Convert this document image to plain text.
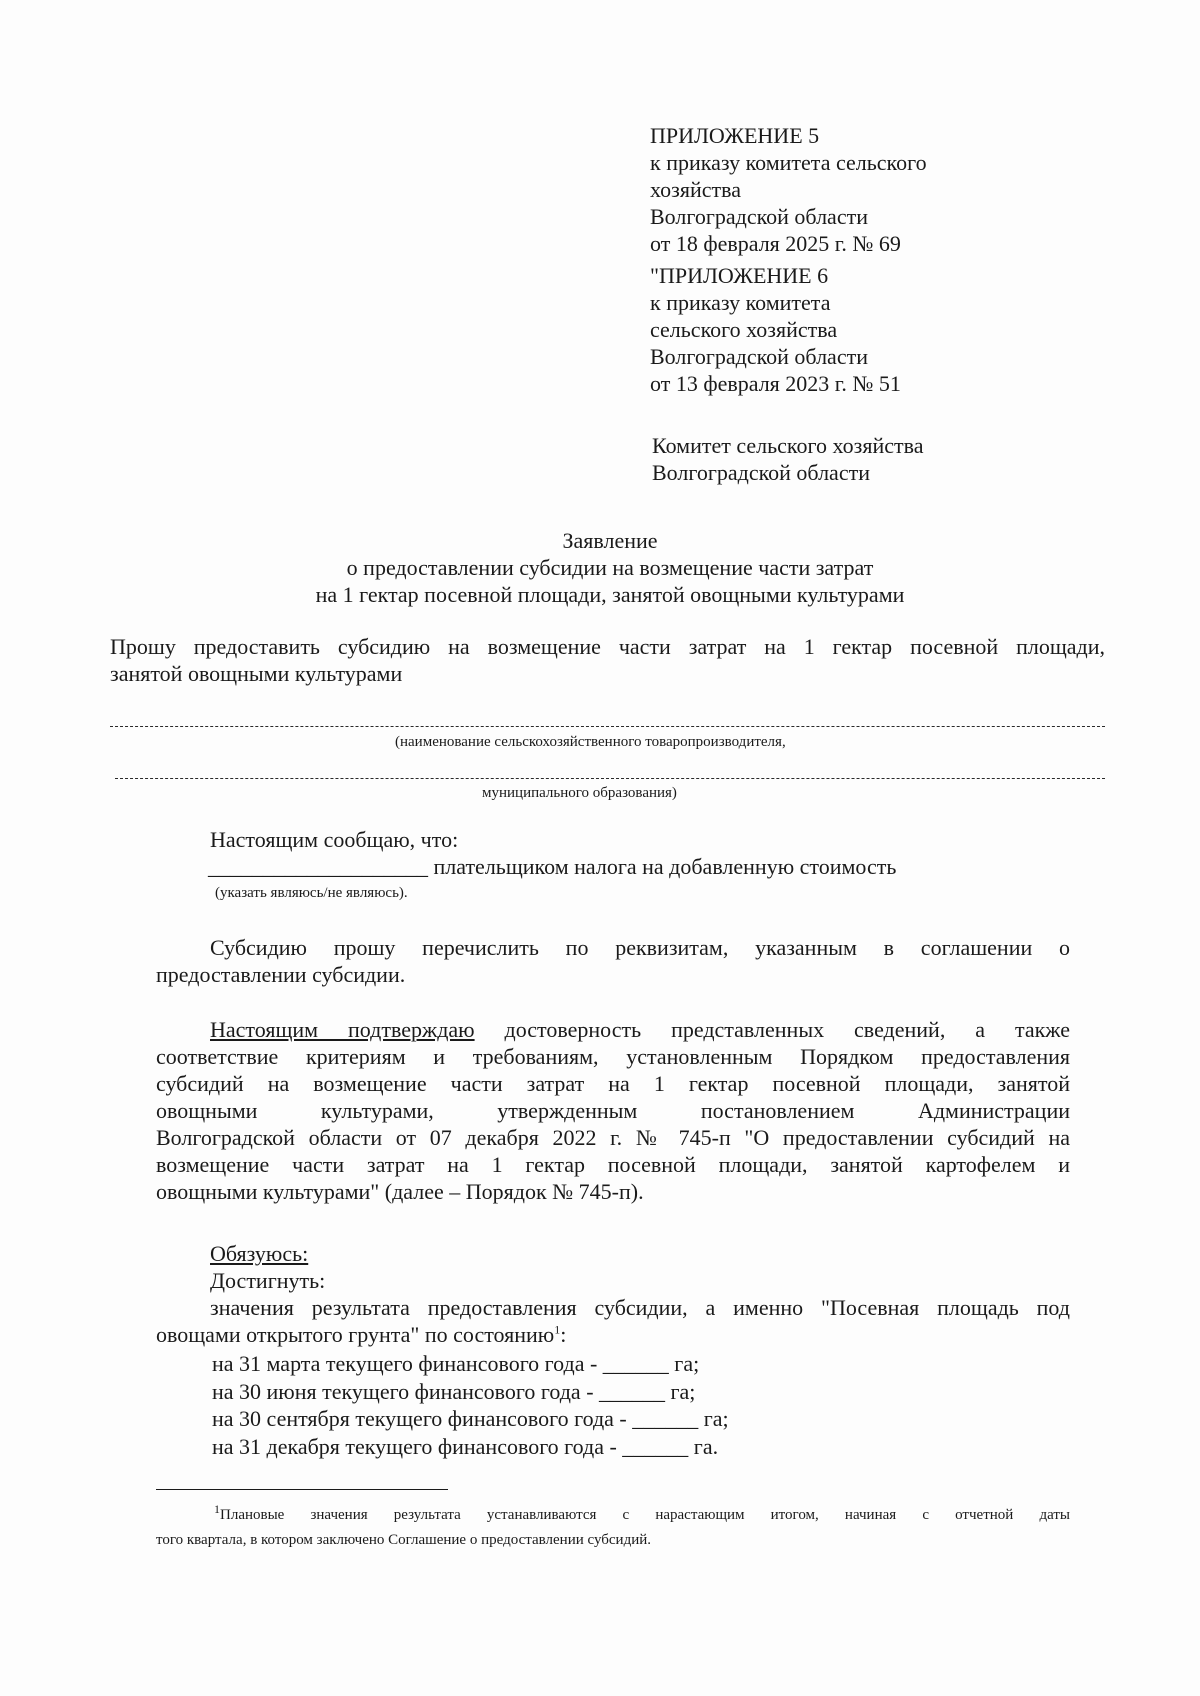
ПРИЛОЖЕНИЕ 5
к приказу комитета сельского
хозяйства
Волгоградской области
от 18 февраля 2025 г. № 69
"ПРИЛОЖЕНИЕ 6
к приказу комитета
сельского хозяйства
Волгоградской области
от 13 февраля 2023 г. № 51
Комитет сельского хозяйства
Волгоградской области
Заявление
о предоставлении субсидии на возмещение части затрат
на 1 гектар посевной площади, занятой овощными культурами
Прошу предоставить субсидию на возмещение части затрат на 1 гектар посевной площади,
занятой овощными культурами
(наименование сельскохозяйственного товаропроизводителя,
муниципального образования)
Настоящим сообщаю, что:
____________________ плательщиком налога на добавленную стоимость
(указать являюсь/не являюсь).
Субсидию прошу перечислить по реквизитам, указанным в соглашении о
предоставлении субсидии.
Настоящим подтверждаю достоверность представленных сведений, а также
соответствие критериям и требованиям, установленным Порядком предоставления
субсидий на возмещение части затрат на 1 гектар посевной площади, занятой
овощными культурами, утвержденным постановлением Администрации
Волгоградской области от 07 декабря 2022 г. № 745-п "О предоставлении субсидий на
возмещение части затрат на 1 гектар посевной площади, занятой картофелем и
овощными культурами" (далее – Порядок № 745-п).
Обязуюсь:
Достигнуть:
значения результата предоставления субсидии, а именно "Посевная площадь под
овощами открытого грунта" по состоянию$^1$:
на 31 марта текущего финансового года - ______ га;
на 30 июня текущего финансового года - ______ га;
на 30 сентября текущего финансового года - ______ га;
на 31 декабря текущего финансового года - ______ га.
$^1$Плановые значения результата устанавливаются с нарастающим итогом, начиная с отчетной даты
того квартала, в котором заключено Соглашение о предоставлении субсидий.
